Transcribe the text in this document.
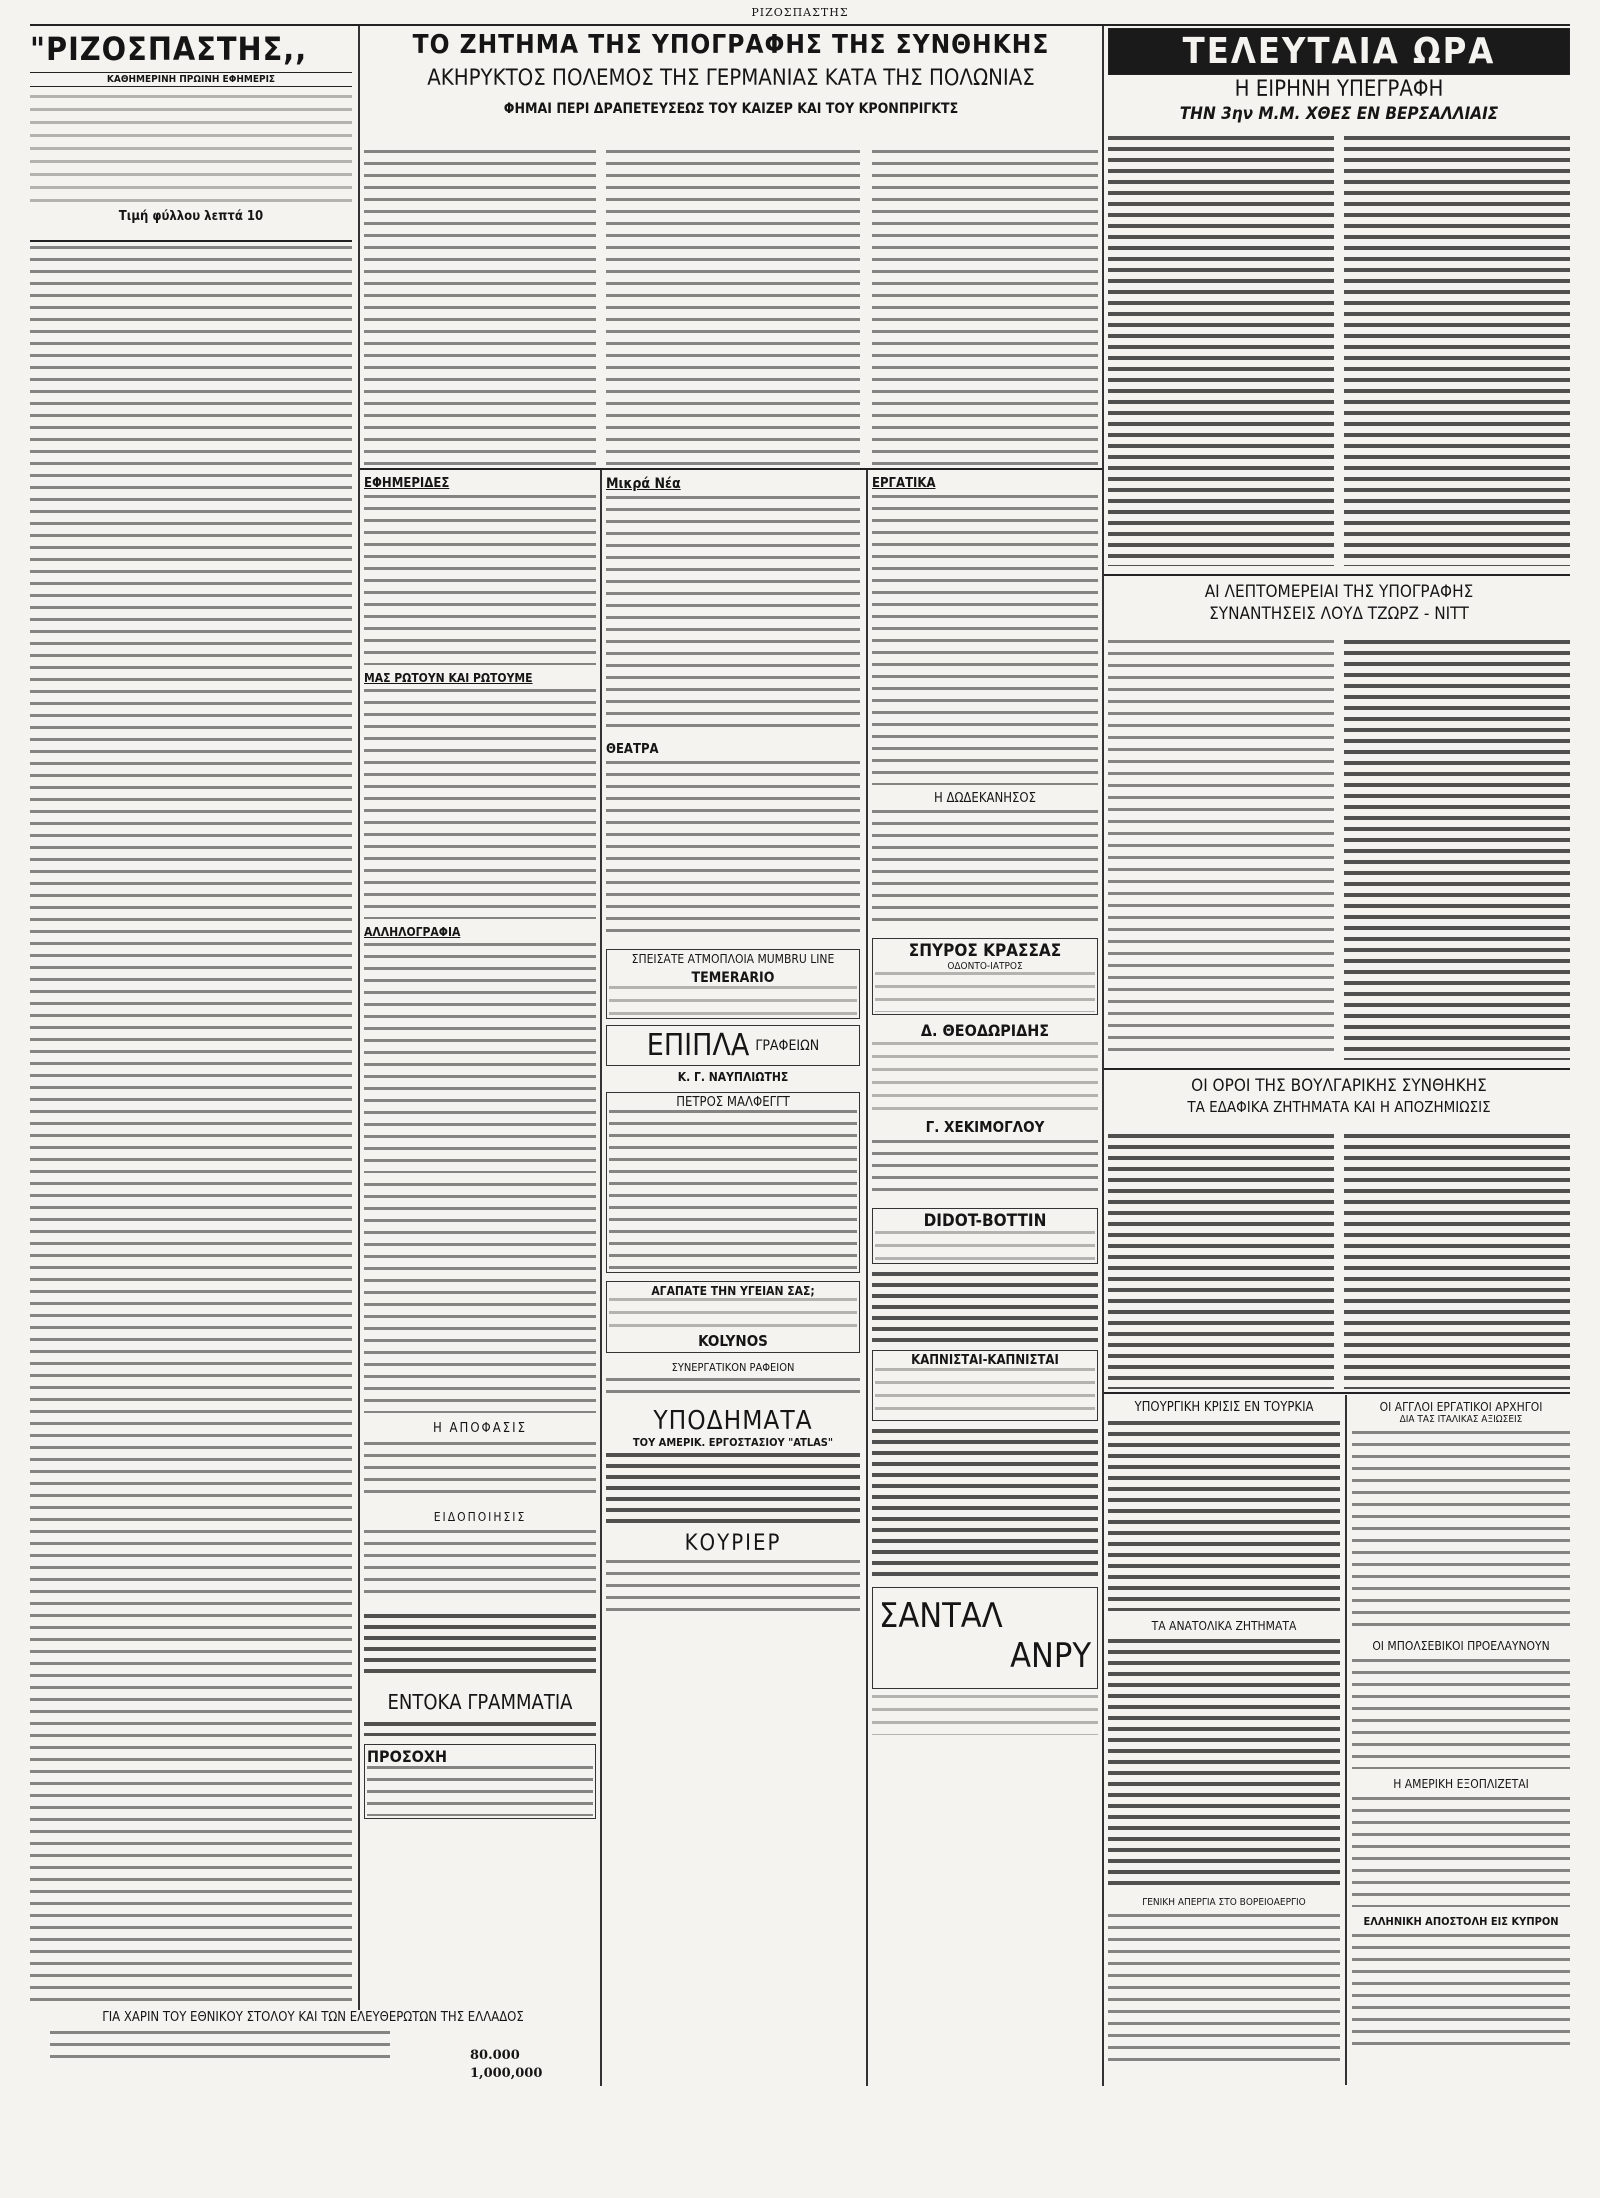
ΡΙΖΟΣΠΑΣΤΗΣ
"ΡΙΖΟΣΠΑΣΤΗΣ,,
ΚΑΘΗΜΕΡΙΝΗ ΠΡΩΙΝΗ ΕΦΗΜΕΡΙΣ
Τιμή φύλλου λεπτά 10
ΤΟ ΖΗΤΗΜΑ ΤΗΣ ΥΠΟΓΡΑΦΗΣ ΤΗΣ ΣΥΝΘΗΚΗΣ
ΑΚΗΡΥΚΤΟΣ ΠΟΛΕΜΟΣ ΤΗΣ ΓΕΡΜΑΝΙΑΣ ΚΑΤΑ ΤΗΣ ΠΟΛΩΝΙΑΣ
ΦΗΜΑΙ ΠΕΡΙ ΔΡΑΠΕΤΕΥΣΕΩΣ ΤΟΥ ΚΑΙΖΕΡ ΚΑΙ ΤΟΥ ΚΡΟΝΠΡΙΓΚΤΣ
ΕΦΗΜΕΡΙΔΕΣ
ΜΑΣ ΡΩΤΟΥΝ ΚΑΙ ΡΩΤΟΥΜΕ
ΑΛΛΗΛΟΓΡΑΦΙΑ
Η ΑΠΟΦΑΣΙΣ
ΕΙΔΟΠΟΙΗΣΙΣ
ΕΝΤΟΚΑ ΓΡΑΜΜΑΤΙΑ
ΠΡΟΣΟΧΗ
ΓΙΑ ΧΑΡΙΝ ΤΟΥ ΕΘΝΙΚΟΥ ΣΤΟΛΟΥ ΚΑΙ ΤΩΝ ΕΛΕΥΘΕΡΩΤΩΝ ΤΗΣ ΕΛΛΑΔΟΣ
80.000
1,000,000
Μικρά Νέα
ΘΕΑΤΡΑ
ΣΠΕΙΣΑΤΕ ΑΤΜΟΠΛΟΙΑ MUMBRU LINE
TEMERARIO
ΕΠΙΠΛΑ ΓΡΑΦΕΙΩΝ
Κ. Γ. ΝΑΥΠΛΙΩΤΗΣ
ΠΕΤΡΟΣ ΜΑΛΦΕΓΓΤ
ΑΓΑΠΑΤΕ ΤΗΝ ΥΓΕΙΑΝ ΣΑΣ;
KOLYNOS
ΣΥΝΕΡΓΑΤΙΚΟΝ ΡΑΦΕΙΟΝ
ΥΠΟΔΗΜΑΤΑ
ΤΟΥ ΑΜΕΡΙΚ. ΕΡΓΟΣΤΑΣΙΟΥ "ATLAS"
ΚΟΥΡΙΕΡ
ΕΡΓΑΤΙΚΑ
Η ΔΩΔΕΚΑΝΗΣΟΣ
ΣΠΥΡΟΣ ΚΡΑΣΣΑΣ
ΟΔΟΝΤΟ-ΙΑΤΡΟΣ
Δ. ΘΕΟΔΩΡΙΔΗΣ
Γ. ΧΕΚΙΜΟΓΛΟΥ
DIDOT-BOTTIN
ΚΑΠΝΙΣΤΑΙ-ΚΑΠΝΙΣΤΑΙ
ΣΑΝΤΑΛ
ΑΝΡΥ
ΤΕΛΕΥΤΑΙΑ ΩΡΑ
Η ΕΙΡΗΝΗ ΥΠΕΓΡΑΦΗ
ΤΗΝ 3ην Μ.Μ. ΧΘΕΣ ΕΝ ΒΕΡΣΑΛΛΙΑΙΣ
ΑΙ ΛΕΠΤΟΜΕΡΕΙΑΙ ΤΗΣ ΥΠΟΓΡΑΦΗΣ
ΣΥΝΑΝΤΗΣΕΙΣ ΛΟΥΔ ΤΖΩΡΖ - ΝΙΤΤ
ΟΙ ΟΡΟΙ ΤΗΣ ΒΟΥΛΓΑΡΙΚΗΣ ΣΥΝΘΗΚΗΣ
ΤΑ ΕΔΑΦΙΚΑ ΖΗΤΗΜΑΤΑ ΚΑΙ Η ΑΠΟΖΗΜΙΩΣΙΣ
ΥΠΟΥΡΓΙΚΗ ΚΡΙΣΙΣ ΕΝ ΤΟΥΡΚΙΑ
ΤΑ ΑΝΑΤΟΛΙΚΑ ΖΗΤΗΜΑΤΑ
ΓΕΝΙΚΗ ΑΠΕΡΓΙΑ ΣΤΟ ΒΟΡΕΙΟΑΕΡΓΙΟ
ΟΙ ΑΓΓΛΟΙ ΕΡΓΑΤΙΚΟΙ ΑΡΧΗΓΟΙ
ΔΙΑ ΤΑΣ ΙΤΑΛΙΚΑΣ ΑΞΙΩΣΕΙΣ
ΟΙ ΜΠΟΛΣΕΒΙΚΟΙ ΠΡΟΕΛΑΥΝΟΥΝ
Η ΑΜΕΡΙΚΗ ΕΞΟΠΛΙΖΕΤΑΙ
ΕΛΛΗΝΙΚΗ ΑΠΟΣΤΟΛΗ ΕΙΣ ΚΥΠΡΟΝ
